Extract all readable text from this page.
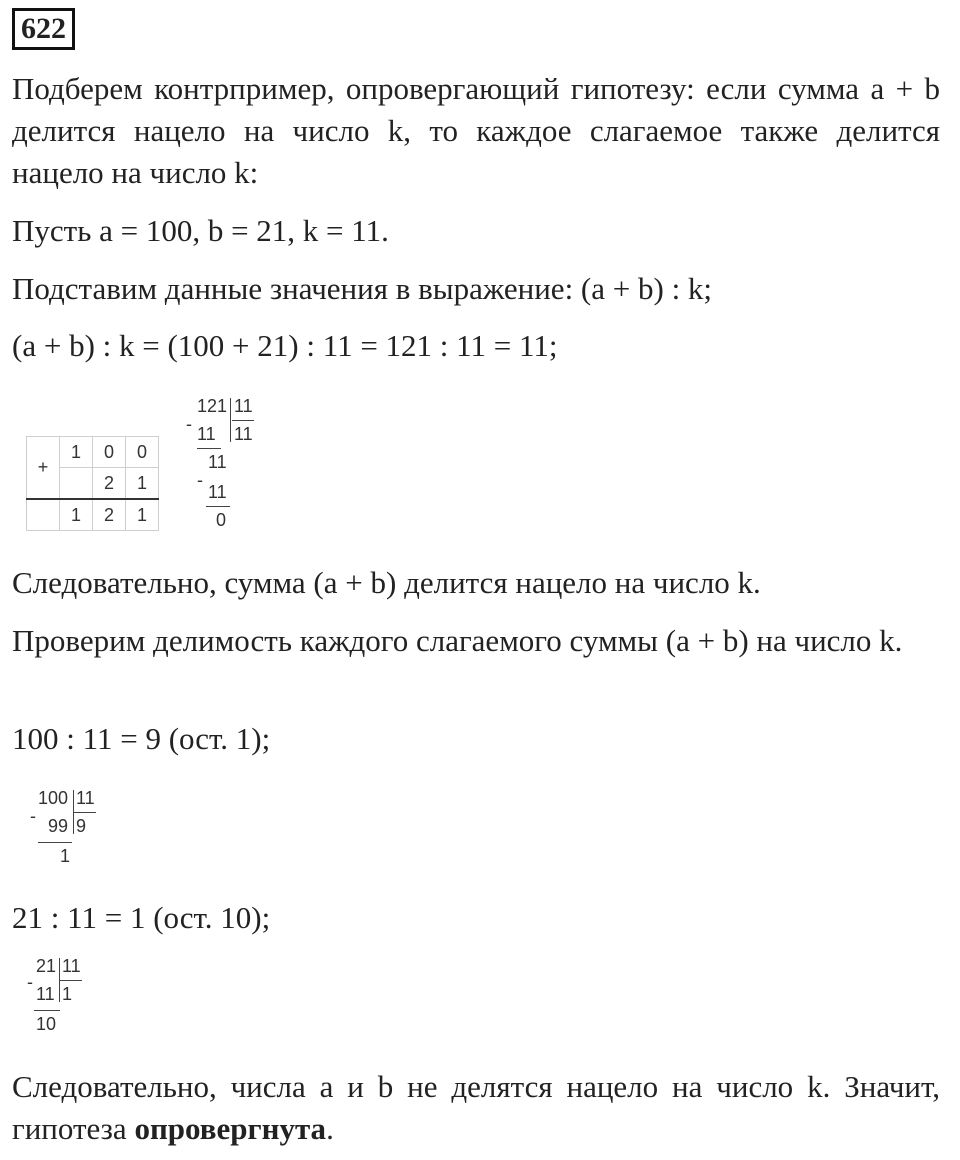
622
Подберем контрпример, опровергающий гипотезу: если сумма a + b делится нацело на число k, то каждое слагаемое также делится нацело на число k:
Пусть a = 100, b = 21, k = 11.
Подставим данные значения в выражение: (a + b) : k;
(a + b) : k = (100 + 21) : 11 = 121 : 11 = 11;
+	1	0	0
		2	1
	1	2	1
121 11
11
- 11
11
-
11
0
Следовательно, сумма (a + b) делится нацело на число k.
Проверим делимость каждого слагаемого суммы (a + b) на число k.
100 : 11 = 9 (ост. 1);
100 11
9
- 99
1
21 : 11 = 1 (ост. 10);
21 11
1
-
11
10
Следовательно, числа a и b не делятся нацело на число k. Значит, гипотеза опровергнута.
